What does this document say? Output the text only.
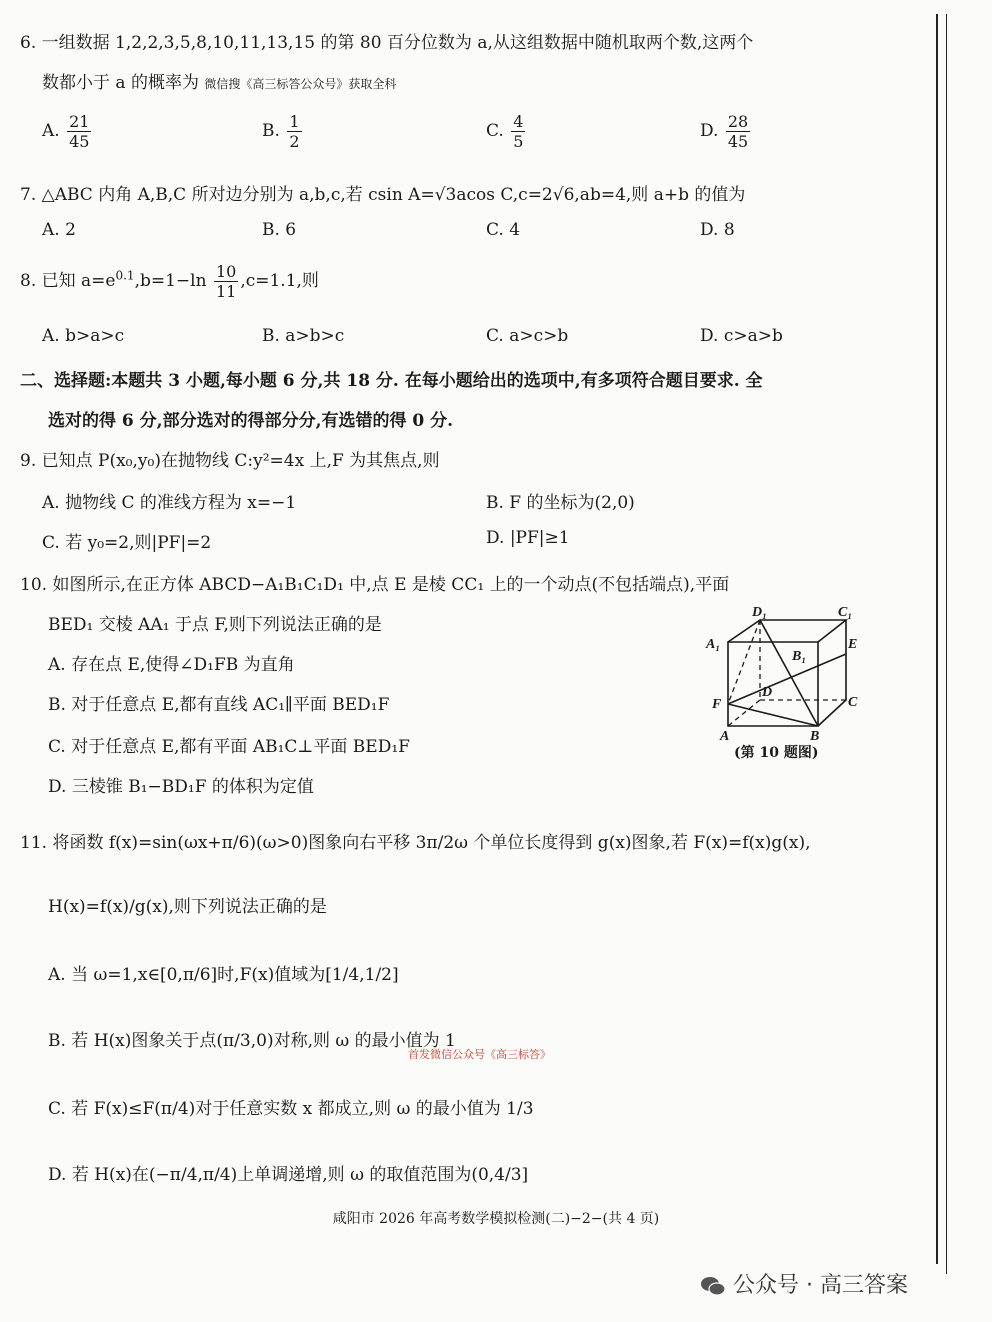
6. 一组数据 1,2,2,3,5,8,10,11,13,15 的第 80 百分位数为 a,从这组数据中随机取两个数,这两个
数都小于 a 的概率为 微信搜《高三标答公众号》获取全科
A. $\frac{21}{45}$	B. $\frac{1}{2}$	C. $\frac{4}{5}$	D. $\frac{28}{45}$
7. △ABC 内角 A,B,C 所对边分别为 a,b,c,若 csin A=√3acos C,c=2√6,ab=4,则 a+b 的值为
A. 2	B. 6	C. 4	D. 8
8. 已知 $a=e^{0.1},b=1-\ln \frac{10}{11} ,c=1.1$,则
A. b>a>c	B. a>b>c	C. a>c>b	D. c>a>b
二、选择题:本题共 3 小题,每小题 6 分,共 18 分. 在每小题给出的选项中,有多项符合题目要求. 全
选对的得 6 分,部分选对的得部分分,有选错的得 0 分.
9. 已知点 P(x₀,y₀)在抛物线 C:y²=4x 上,F 为其焦点,则
A. 抛物线 C 的准线方程为 x=−1	B. F 的坐标为(2,0)
C. 若 y₀=2,则|PF|=2	D. |PF|≥1
10. 如图所示,在正方体 ABCD−A₁B₁C₁D₁ 中,点 E 是棱 CC₁ 上的一个动点(不包括端点),平面
BED₁ 交棱 AA₁ 于点 F,则下列说法正确的是
A. 存在点 E,使得∠D₁FB 为直角
B. 对于任意点 E,都有直线 AC₁∥平面 BED₁F
C. 对于任意点 E,都有平面 AB₁C⊥平面 BED₁F
D. 三棱锥 B₁−BD₁F 的体积为定值
D₁	C₁
A₁
B₁
E
D
F	C
A	B
(第 10 题图)
11. 将函数 f(x)=sin(ωx+π/6)(ω>0)图象向右平移 3π/2ω 个单位长度得到 g(x)图象,若 F(x)=f(x)g(x),
H(x)=f(x)/g(x),则下列说法正确的是
A. 当 ω=1,x∈[0,π/6]时,F(x)值域为[1/4,1/2]
B. 若 H(x)图象关于点(π/3,0)对称,则 ω 的最小值为 1
首发微信公众号《高三标答》
C. 若 F(x)≤F(π/4)对于任意实数 x 都成立,则 ω 的最小值为 1/3
D. 若 H(x)在(−π/4,π/4)上单调递增,则 ω 的取值范围为(0,4/3]
咸阳市 2026 年高考数学模拟检测(二)−2−(共 4 页)
公众号 · 高三答案
